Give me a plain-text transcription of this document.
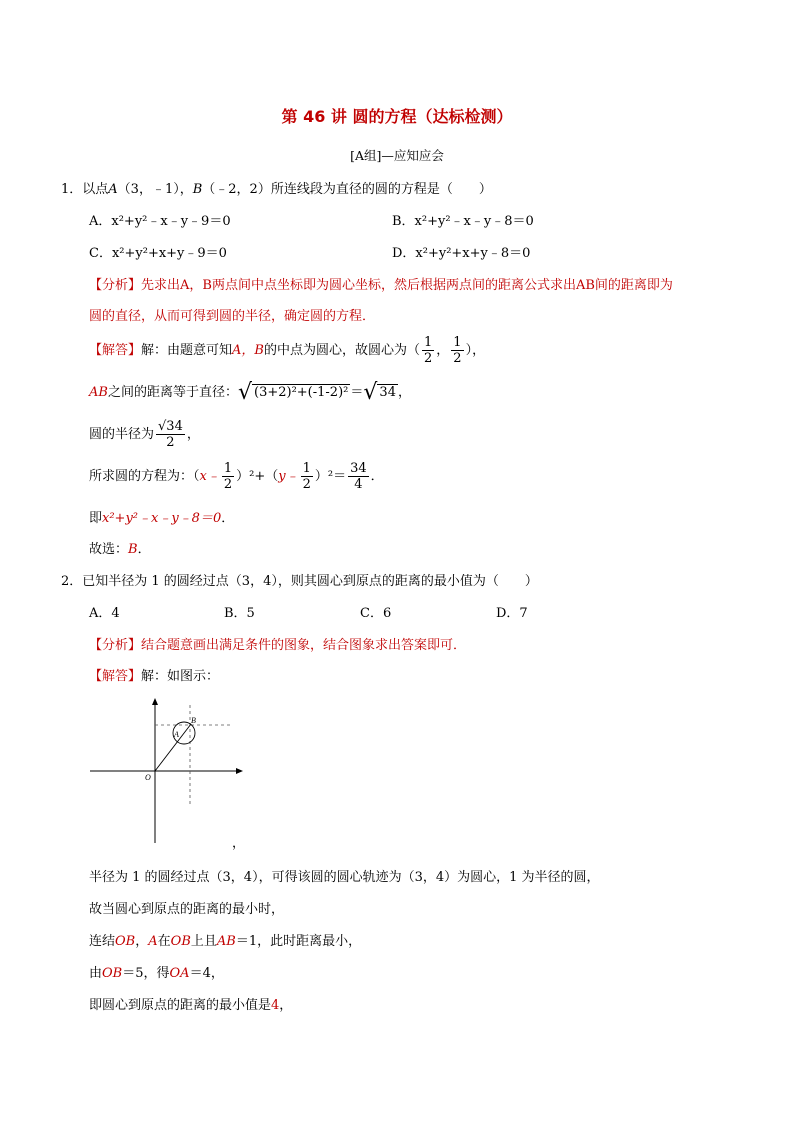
第 46 讲 圆的方程（达标检测）
[A组]—应知应会
1．以点A（3，﹣1），B（﹣2，2）所连线段为直径的圆的方程是（　　）
A．x²+y²﹣x﹣y﹣9＝0	B．x²+y²﹣x﹣y﹣8＝0
C．x²+y²+x+y﹣9＝0	D．x²+y²+x+y﹣8＝0
【分析】先求出A，B两点间中点坐标即为圆心坐标，然后根据两点间的距离公式求出AB间的距离即为
圆的直径，从而可得到圆的半径，确定圆的方程．
【解答】解：由题意可知A，B的中点为圆心，故圆心为（ $\frac{1}{2}$ ， $\frac{1}{2}$ ），
AB之间的距离等于直径：√ (3+2)²+(-1-2)² ＝√ 34 ，
圆的半径为 $\frac{√34}{2}$ ，
所求圆的方程为：（x﹣ $\frac{1}{2}$ ）²+（y﹣ $\frac{1}{2} )^2= \frac{34}{4}$ ．
即x²+y²﹣x﹣y﹣8＝0．
故选：B．
2．已知半径为 1 的圆经过点（3，4），则其圆心到原点的距离的最小值为（　　）
A．4	B．5	C．6	D．7
【分析】结合题意画出满足条件的图象，结合图象求出答案即可．
【解答】解：如图示：
O
A
B
，
半径为 1 的圆经过点（3，4），可得该圆的圆心轨迹为（3，4）为圆心，1 为半径的圆，
故当圆心到原点的距离的最小时，
连结OB，A在OB上且AB＝1，此时距离最小，
由OB＝5，得OA＝4，
即圆心到原点的距离的最小值是4，
